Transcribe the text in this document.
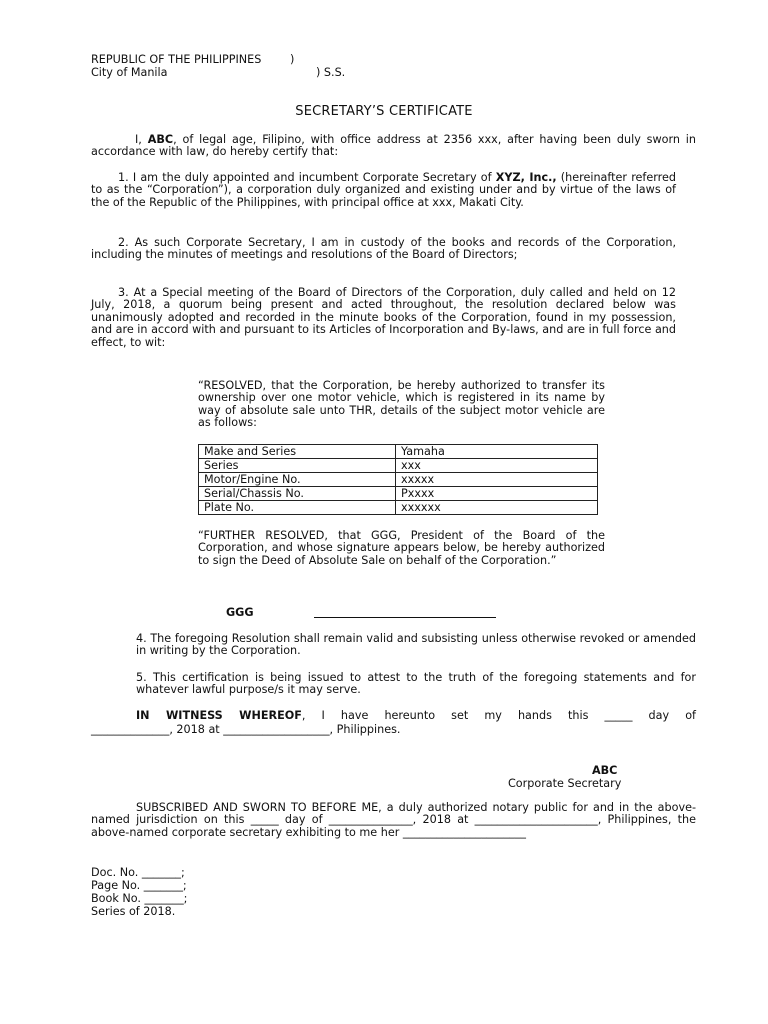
REPUBLIC OF THE PHILIPPINES	)
City of Manila	) S.S.
SECRETARY’S CERTIFICATE
I, ABC, of legal age, Filipino, with office address at 2356 xxx, after having been duly sworn in accordance with law, do hereby certify that:
1. I am the duly appointed and incumbent Corporate Secretary of XYZ, Inc., (hereinafter referred to as the “Corporation”), a corporation duly organized and existing under and by virtue of the laws of the of the Republic of the Philippines, with principal office at xxx, Makati City.
2. As such Corporate Secretary, I am in custody of the books and records of the Corporation, including the minutes of meetings and resolutions of the Board of Directors;
3. At a Special meeting of the Board of Directors of the Corporation, duly called and held on 12 July, 2018, a quorum being present and acted throughout, the resolution declared below was unanimously adopted and recorded in the minute books of the Corporation, found in my possession, and are in accord with and pursuant to its Articles of Incorporation and By-laws, and are in full force and effect, to wit:
“RESOLVED, that the Corporation, be hereby authorized to transfer its ownership over one motor vehicle, which is registered in its name by way of absolute sale unto THR, details of the subject motor vehicle are as follows:
Make and Series	Yamaha
Series	xxx
Motor/Engine No.	xxxxx
Serial/Chassis No.	Pxxxx
Plate No.	xxxxxx
“FURTHER RESOLVED, that GGG, President of the Board of the Corporation, and whose signature appears below, be hereby authorized to sign the Deed of Absolute Sale on behalf of the Corporation.”
GGG
4. The foregoing Resolution shall remain valid and subsisting unless otherwise revoked or amended in writing by the Corporation.
5. This certification is being issued to attest to the truth of the foregoing statements and for whatever lawful purpose/s it may serve.
IN WITNESS WHEREOF, I have hereunto set my hands this _____ day of
______________, 2018 at ___________________, Philippines.
ABC
Corporate Secretary
SUBSCRIBED AND SWORN TO BEFORE ME, a duly authorized notary public for and in the above-named jurisdiction on this _____ day of _______________, 2018 at ______________________, Philippines, the above-named corporate secretary exhibiting to me her ______________________
Doc. No. _______;
Page No. _______;
Book No. _______;
Series of 2018.
